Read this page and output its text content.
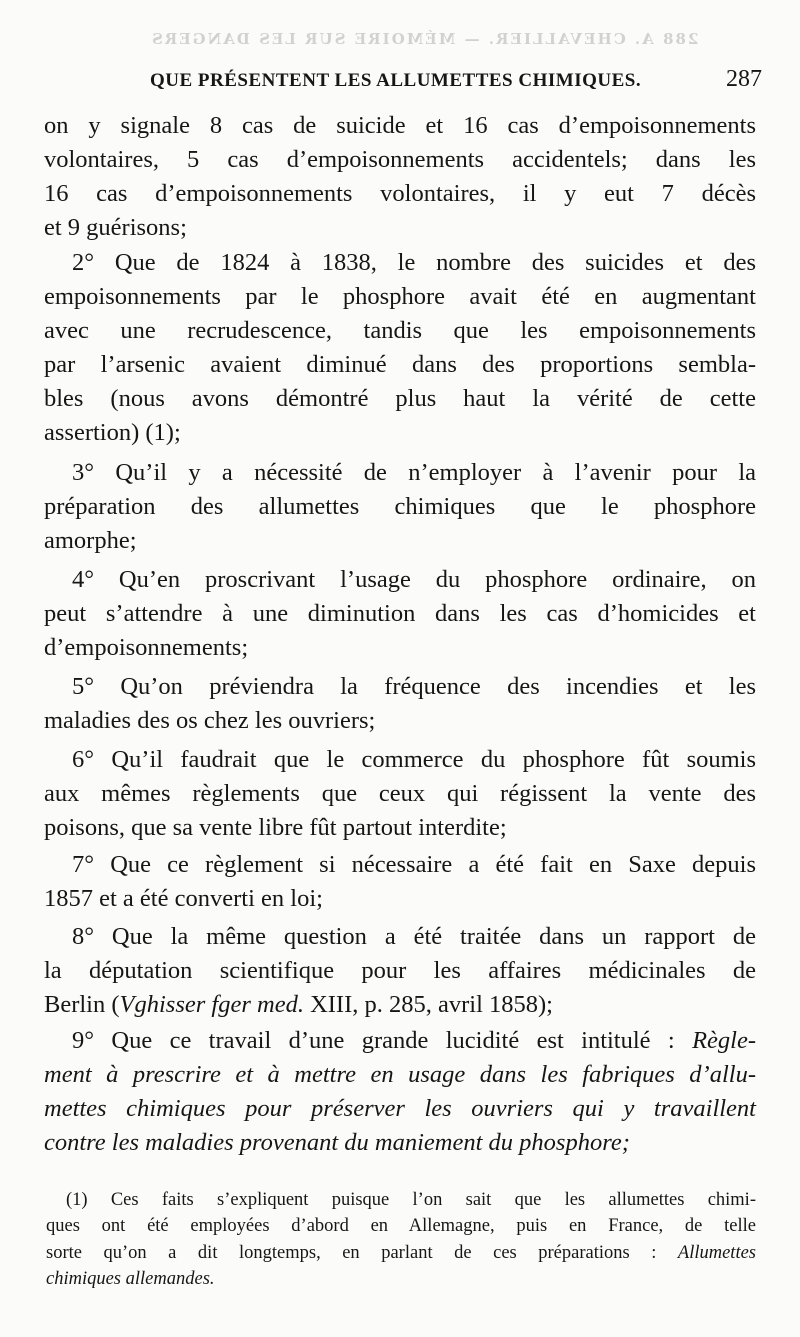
288 A. CHEVALLIER. — MÉMOIRE SUR LES DANGERS
QUE PRÉSENTENT LES ALLUMETTES CHIMIQUES.	287
on y signale 8 cas de suicide et 16 cas d’empoisonnements
volontaires, 5 cas d’empoisonnements accidentels; dans les
16 cas d’empoisonnements volontaires, il y eut 7 décès
et 9 guérisons;
2° Que de 1824 à 1838, le nombre des suicides et des
empoisonnements par le phosphore avait été en augmentant
avec une recrudescence, tandis que les empoisonnements
par l’arsenic avaient diminué dans des proportions sembla-
bles (nous avons démontré plus haut la vérité de cette
assertion) (1);
3° Qu’il y a nécessité de n’employer à l’avenir pour la
préparation des allumettes chimiques que le phosphore
amorphe;
4° Qu’en proscrivant l’usage du phosphore ordinaire, on
peut s’attendre à une diminution dans les cas d’homicides et
d’empoisonnements;
5° Qu’on préviendra la fréquence des incendies et les
maladies des os chez les ouvriers;
6° Qu’il faudrait que le commerce du phosphore fût soumis
aux mêmes règlements que ceux qui régissent la vente des
poisons, que sa vente libre fût partout interdite;
7° Que ce règlement si nécessaire a été fait en Saxe depuis
1857 et a été converti en loi;
8° Que la même question a été traitée dans un rapport de
la députation scientifique pour les affaires médicinales de
Berlin (Vghisser fger med. XIII, p. 285, avril 1858);
9° Que ce travail d’une grande lucidité est intitulé : Règle-
ment à prescrire et à mettre en usage dans les fabriques d’allu-
mettes chimiques pour préserver les ouvriers qui y travaillent
contre les maladies provenant du maniement du phosphore;
(1) Ces faits s’expliquent puisque l’on sait que les allumettes chimi-
ques ont été employées d’abord en Allemagne, puis en France, de telle
sorte qu’on a dit longtemps, en parlant de ces préparations : Allumettes
chimiques allemandes.
